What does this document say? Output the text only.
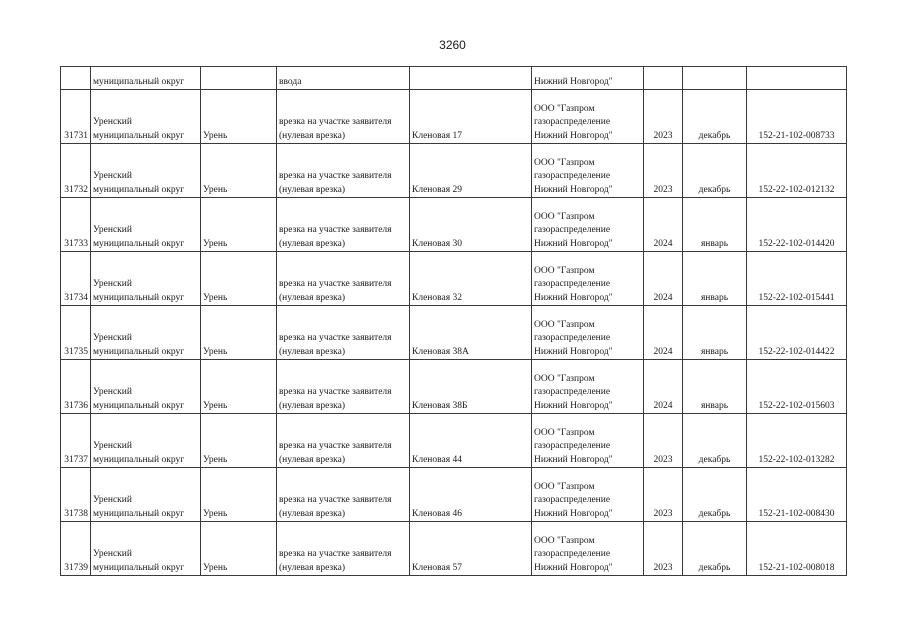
3260
	муниципальный округ		ввода		Нижний Новгород"			
31731	Уренский
муниципальный округ	Урень	врезка на участке заявителя
(нулевая врезка)	Кленовая 17	ООО "Газпром
газораспределение
Нижний Новгород"	2023	декабрь	152-21-102-008733
31732	Уренский
муниципальный округ	Урень	врезка на участке заявителя
(нулевая врезка)	Кленовая 29	ООО "Газпром
газораспределение
Нижний Новгород"	2023	декабрь	152-22-102-012132
31733	Уренский
муниципальный округ	Урень	врезка на участке заявителя
(нулевая врезка)	Кленовая 30	ООО "Газпром
газораспределение
Нижний Новгород"	2024	январь	152-22-102-014420
31734	Уренский
муниципальный округ	Урень	врезка на участке заявителя
(нулевая врезка)	Кленовая 32	ООО "Газпром
газораспределение
Нижний Новгород"	2024	январь	152-22-102-015441
31735	Уренский
муниципальный округ	Урень	врезка на участке заявителя
(нулевая врезка)	Кленовая 38А	ООО "Газпром
газораспределение
Нижний Новгород"	2024	январь	152-22-102-014422
31736	Уренский
муниципальный округ	Урень	врезка на участке заявителя
(нулевая врезка)	Кленовая 38Б	ООО "Газпром
газораспределение
Нижний Новгород"	2024	январь	152-22-102-015603
31737	Уренский
муниципальный округ	Урень	врезка на участке заявителя
(нулевая врезка)	Кленовая 44	ООО "Газпром
газораспределение
Нижний Новгород"	2023	декабрь	152-22-102-013282
31738	Уренский
муниципальный округ	Урень	врезка на участке заявителя
(нулевая врезка)	Кленовая 46	ООО "Газпром
газораспределение
Нижний Новгород"	2023	декабрь	152-21-102-008430
31739	Уренский
муниципальный округ	Урень	врезка на участке заявителя
(нулевая врезка)	Кленовая 57	ООО "Газпром
газораспределение
Нижний Новгород"	2023	декабрь	152-21-102-008018
